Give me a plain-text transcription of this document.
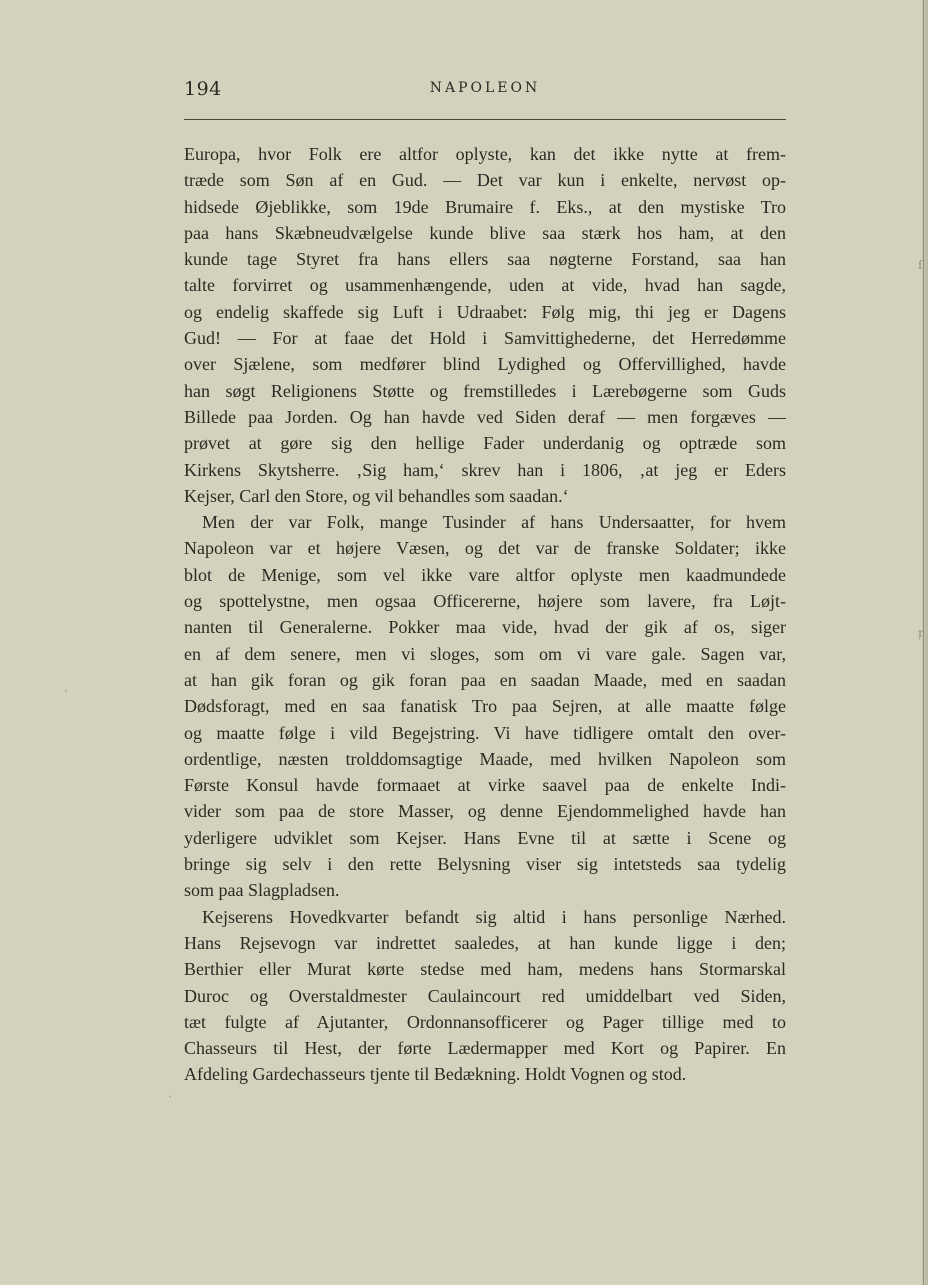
194	NAPOLEON
Europa, hvor Folk ere altfor oplyste, kan det ikke nytte at frem-
træde som Søn af en Gud. — Det var kun i enkelte, nervøst op-
hidsede Øjeblikke, som 19de Brumaire f. Eks., at den mystiske Tro
paa hans Skæbneudvælgelse kunde blive saa stærk hos ham, at den
kunde tage Styret fra hans ellers saa nøgterne Forstand, saa han
talte forvirret og usammenhængende, uden at vide, hvad han sagde,
og endelig skaffede sig Luft i Udraabet: Følg mig, thi jeg er Dagens
Gud! — For at faae det Hold i Samvittighederne, det Herredømme
over Sjælene, som medfører blind Lydighed og Offervillighed, havde
han søgt Religionens Støtte og fremstilledes i Lærebøgerne som Guds
Billede paa Jorden. Og han havde ved Siden deraf — men forgæves —
prøvet at gøre sig den hellige Fader underdanig og optræde som
Kirkens Skytsherre. ‚Sig ham,‘ skrev han i 1806, ‚at jeg er Eders
Kejser, Carl den Store, og vil behandles som saadan.‘
Men der var Folk, mange Tusinder af hans Undersaatter, for hvem
Napoleon var et højere Væsen, og det var de franske Soldater; ikke
blot de Menige, som vel ikke vare altfor oplyste men kaadmundede
og spottelystne, men ogsaa Officererne, højere som lavere, fra Løjt-
nanten til Generalerne. Pokker maa vide, hvad der gik af os, siger
en af dem senere, men vi sloges, som om vi vare gale. Sagen var,
at han gik foran og gik foran paa en saadan Maade, med en saadan
Dødsforagt, med en saa fanatisk Tro paa Sejren, at alle maatte følge
og maatte følge i vild Begejstring. Vi have tidligere omtalt den over-
ordentlige, næsten trolddomsagtige Maade, med hvilken Napoleon som
Første Konsul havde formaaet at virke saavel paa de enkelte Indi-
vider som paa de store Masser, og denne Ejendommelighed havde han
yderligere udviklet som Kejser. Hans Evne til at sætte i Scene og
bringe sig selv i den rette Belysning viser sig intetsteds saa tydelig
som paa Slagpladsen.
Kejserens Hovedkvarter befandt sig altid i hans personlige Nærhed.
Hans Rejsevogn var indrettet saaledes, at han kunde ligge i den;
Berthier eller Murat kørte stedse med ham, medens hans Stormarskal
Duroc og Overstaldmester Caulaincourt red umiddelbart ved Siden,
tæt fulgte af Ajutanter, Ordonnansofficerer og Pager tillige med to
Chasseurs til Hest, der førte Lædermapper med Kort og Papirer. En
Afdeling Gardechasseurs tjente til Bedækning. Holdt Vognen og stod.
ſ
ŗ
·
ˎ
